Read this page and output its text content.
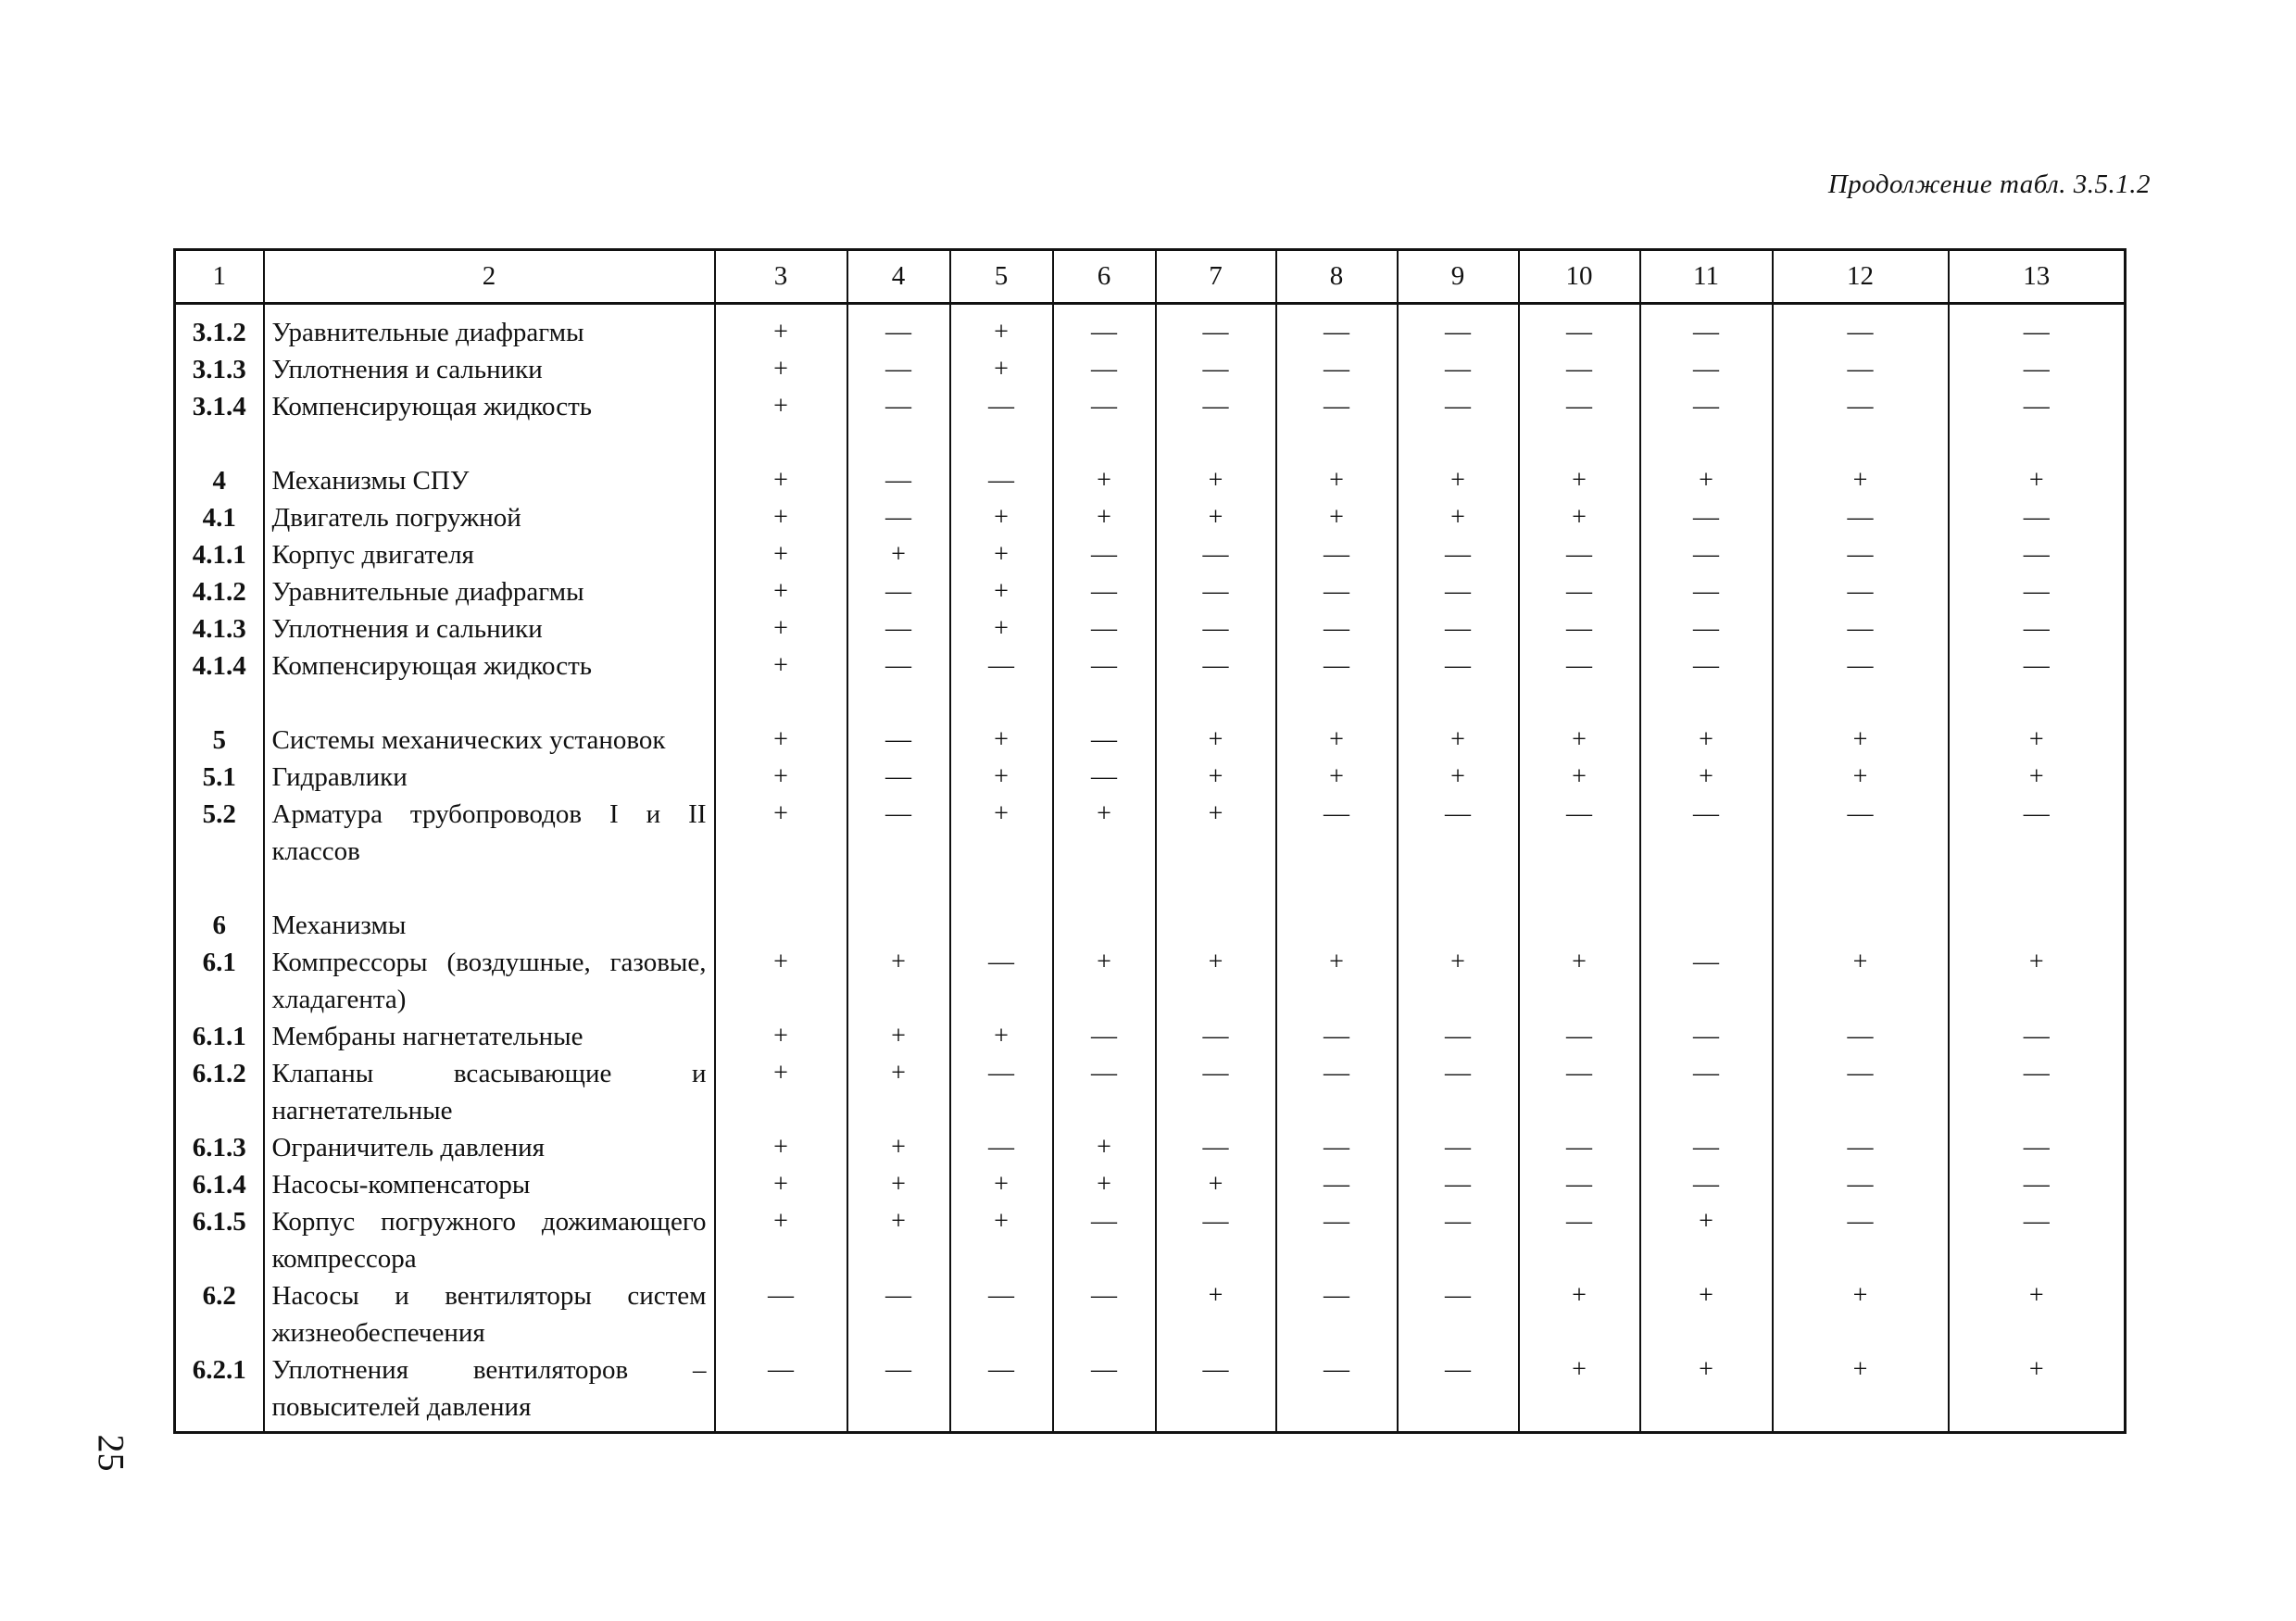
Продолжение табл. 3.5.1.2
25
1	2	3	4	5	6	7	8	9	10	11	12	13
3.1.2	Уравнительные диафрагмы	+	—	+	—	—	—	—	—	—	—	—
3.1.3	Уплотнения и сальники	+	—	+	—	—	—	—	—	—	—	—
3.1.4	Компенсирующая жидкость	+	—	—	—	—	—	—	—	—	—	—

4	Механизмы СПУ	+	—	—	+	+	+	+	+	+	+	+
4.1	Двигатель погружной	+	—	+	+	+	+	+	+	—	—	—
4.1.1	Корпус двигателя	+	+	+	—	—	—	—	—	—	—	—
4.1.2	Уравнительные диафрагмы	+	—	+	—	—	—	—	—	—	—	—
4.1.3	Уплотнения и сальники	+	—	+	—	—	—	—	—	—	—	—
4.1.4	Компенсирующая жидкость	+	—	—	—	—	—	—	—	—	—	—

5	Системы механических установок	+	—	+	—	+	+	+	+	+	+	+
5.1	Гидравлики	+	—	+	—	+	+	+	+	+	+	+
5.2	Арматура трубопроводов I и II классов	+	—	+	+	+	—	—	—	—	—	—

6	Механизмы											
6.1	Компрессоры (воздушные, газовые, хладагента)	+	+	—	+	+	+	+	+	—	+	+
6.1.1	Мембраны нагнетательные	+	+	+	—	—	—	—	—	—	—	—
6.1.2	Клапаны всасывающие и нагнетательные	+	+	—	—	—	—	—	—	—	—	—
6.1.3	Ограничитель давления	+	+	—	+	—	—	—	—	—	—	—
6.1.4	Насосы-компенсаторы	+	+	+	+	+	—	—	—	—	—	—
6.1.5	Корпус погружного дожимающего компрессора	+	+	+	—	—	—	—	—	+	—	—
6.2	Насосы и вентиляторы систем жизнеобеспечения	—	—	—	—	+	—	—	+	+	+	+
6.2.1	Уплотнения вентиляторов – повысителей давления	—	—	—	—	—	—	—	+	+	+	+
